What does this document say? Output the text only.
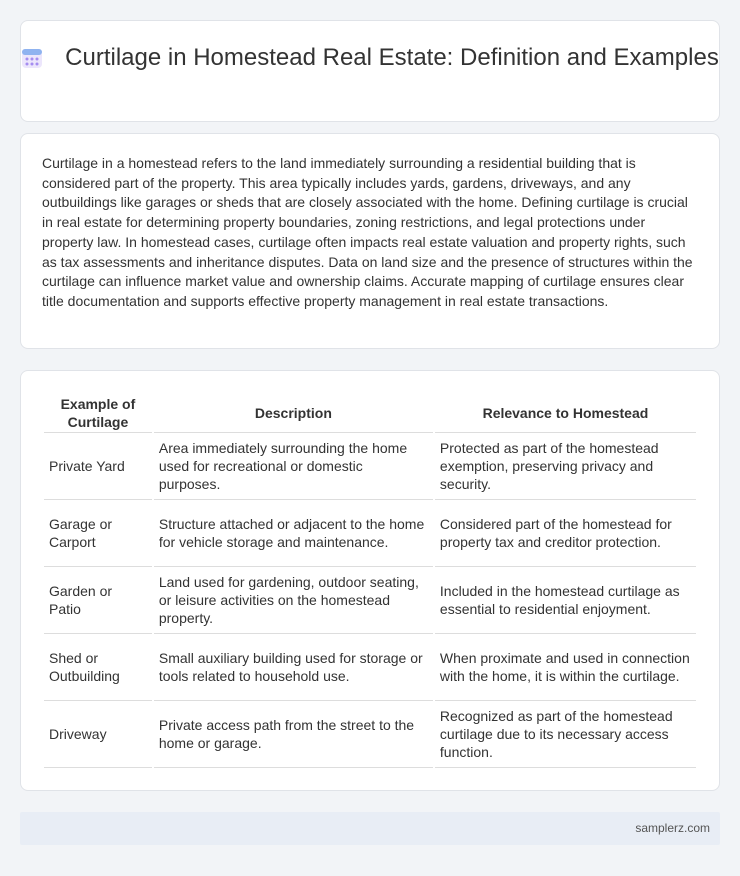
Curtilage in Homestead Real Estate: Definition and Examples

Curtilage in a homestead refers to the land immediately surrounding a residential building that is considered part of the property. This area typically includes yards, gardens, driveways, and any outbuildings like garages or sheds that are closely associated with the home. Defining curtilage is crucial in real estate for determining property boundaries, zoning restrictions, and legal protections under property law. In homestead cases, curtilage often impacts real estate valuation and property rights, such as tax assessments and inheritance disputes. Data on land size and the presence of structures within the curtilage can influence market value and ownership claims. Accurate mapping of curtilage ensures clear title documentation and supports effective property management in real estate transactions.

Example of Curtilage	Description	Relevance to Homestead
Private Yard	Area immediately surrounding the home used for recreational or domestic purposes.	Protected as part of the homestead exemption, preserving privacy and security.
Garage or Carport	Structure attached or adjacent to the home for vehicle storage and maintenance.	Considered part of the homestead for property tax and creditor protection.
Garden or Patio	Land used for gardening, outdoor seating, or leisure activities on the homestead property.	Included in the homestead curtilage as essential to residential enjoyment.
Shed or Outbuilding	Small auxiliary building used for storage or tools related to household use.	When proximate and used in connection with the home, it is within the curtilage.
Driveway	Private access path from the street to the home or garage.	Recognized as part of the homestead curtilage due to its necessary access function.
samplerz.com
